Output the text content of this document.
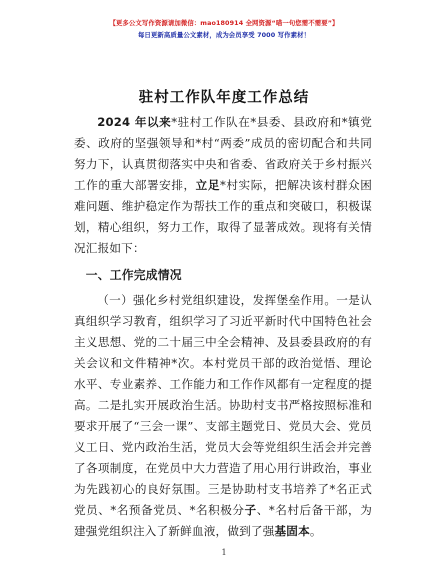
【更多公文写作资源请加微信：mao180914 全网资源“喵一句您需不需要”】
每日更新高质量公文素材，成为会员享受 7000 写作素材！
驻村工作队年度工作总结

2024 年以来*驻村工作队在*县委、县政府和*镇党委、政府的坚强领导和*村“两委”成员的密切配合和共同努力下，认真贯彻落实中央和省委、省政府关于乡村振兴工作的重大部署安排，立足*村实际，把解决该村群众困难问题、维护稳定作为帮扶工作的重点和突破口，积极谋划，精心组织，努力工作，取得了显著成效。现将有关情况汇报如下：

一、工作完成情况

（一）强化乡村党组织建设，发挥堡垒作用。一是认真组织学习教育，组织学习了习近平新时代中国特色社会主义思想、党的二十届三中全会精神、及县委县政府的有关会议和文件精神*次。本村党员干部的政治觉悟、理论水平、专业素养、工作能力和工作作风都有一定程度的提高。二是扎实开展政治生活。协助村支书严格按照标准和要求开展了“三会一课”、支部主题党日、党员大会、党员义工日、党内政治生活，党员大会等党组织生活会并完善了各项制度，在党员中大力营造了用心用行讲政治，事业为先践初心的良好氛围。三是协助村支书培养了*名正式党员、*名预备党员、*名积极分子、*名村后备干部，为建强党组织注入了新鲜血液，做到了强基固本。

1
